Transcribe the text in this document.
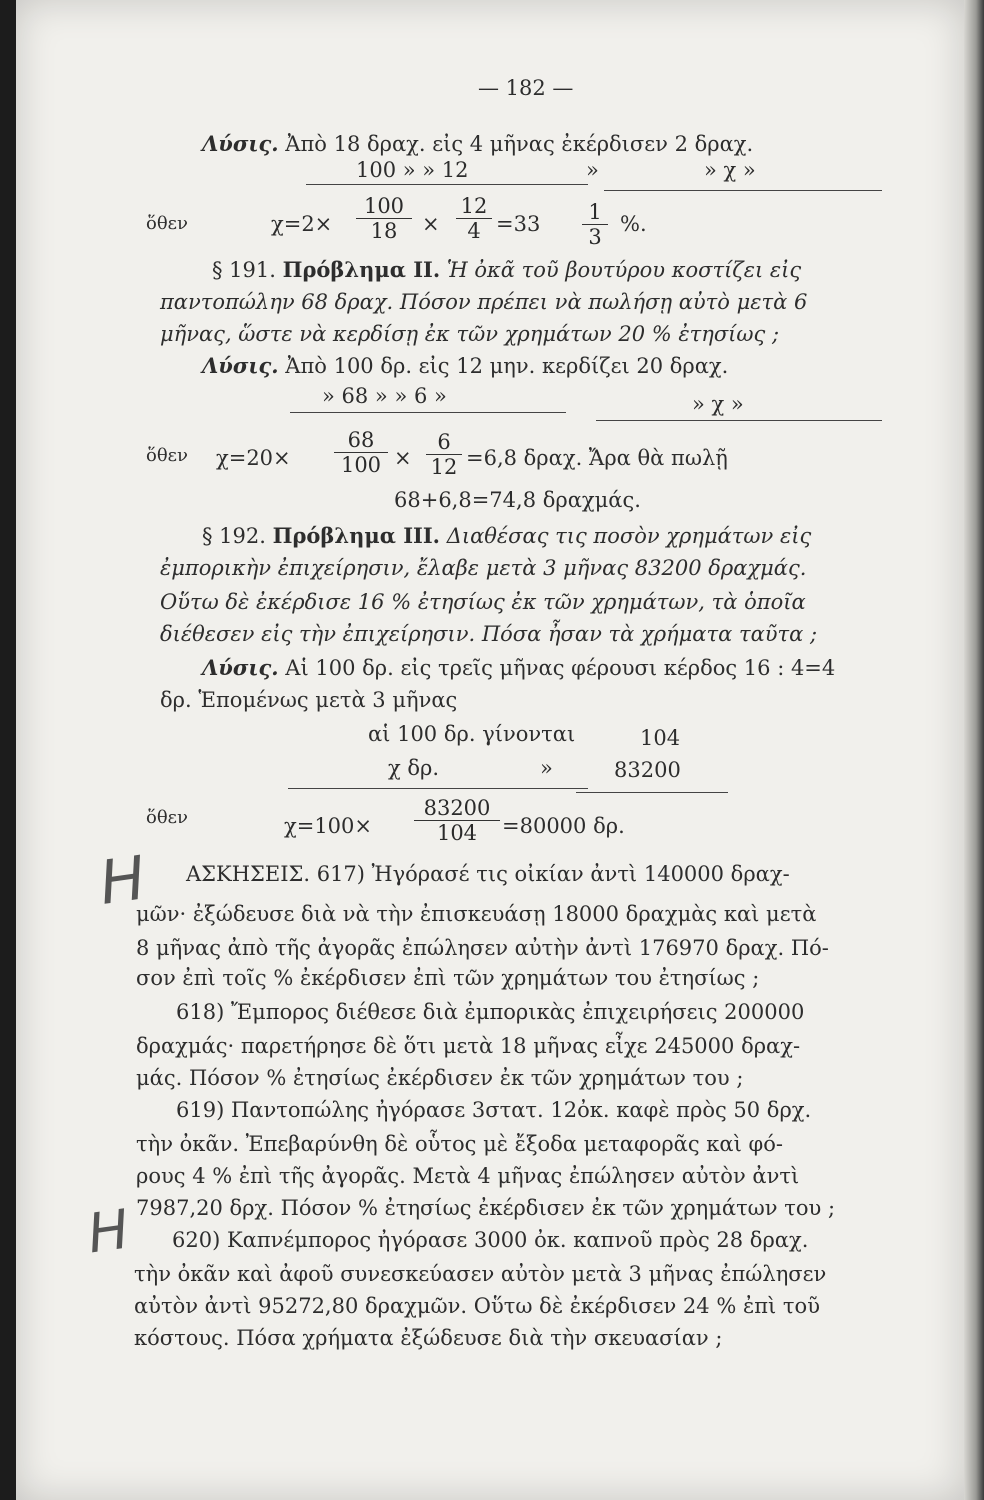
— 182 —
Λύσις. Ἀπὸ 18 δραχ. εἰς 4 μῆνας ἐκέρδισεν 2 δραχ.
100 » » 12	»	» χ »
ὅθεν	$\chi=2\times \frac{100}{18} \times \frac{12}{4} =33 \frac{1}{3}$ %.
§ 191. Πρόβλημα ΙΙ. Ἡ ὀκᾶ τοῦ βουτύρου κοστίζει εἰς
παντοπώλην 68 δραχ. Πόσον πρέπει νὰ πωλήσῃ αὐτὸ μετὰ 6
μῆνας, ὥστε νὰ κερδίσῃ ἐκ τῶν χρημάτων 20 % ἐτησίως ;
Λύσις. Ἀπὸ 100 δρ. εἰς 12 μην. κερδίζει 20 δραχ.
» 68 » » 6 »	» χ »
ὅθεν $\chi=20\times \frac{68}{100} \times \frac{6}{12} =6,8$ δραχ. Ἄρα θὰ πωλῇ
68+6,8=74,8 δραχμάς.
§ 192. Πρόβλημα ΙΙΙ. Διαθέσας τις ποσὸν χρημάτων εἰς
ἐμπορικὴν ἐπιχείρησιν, ἔλαβε μετὰ 3 μῆνας 83200 δραχμάς.
Οὕτω δὲ ἐκέρδισε 16 % ἐτησίως ἐκ τῶν χρημάτων, τὰ ὁποῖα
διέθεσεν εἰς τὴν ἐπιχείρησιν. Πόσα ἦσαν τὰ χρήματα ταῦτα ;
Λύσις. Αἱ 100 δρ. εἰς τρεῖς μῆνας φέρουσι κέρδος 16 : 4=4
δρ. Ἑπομένως μετὰ 3 μῆνας
αἱ 100 δρ. γίνονται	104
χ δρ.	»	83200
ὅθεν	$\chi=100\times \frac{83200}{104} =80000$ δρ.
H ΑΣΚΗΣΕΙΣ. 617) Ἠγόρασέ τις οἰκίαν ἀντὶ 140000 δραχ-
μῶν· ἐξώδευσε διὰ νὰ τὴν ἐπισκευάσῃ 18000 δραχμὰς καὶ μετὰ
8 μῆνας ἀπὸ τῆς ἀγορᾶς ἐπώλησεν αὐτὴν ἀντὶ 176970 δραχ. Πό-
σον ἐπὶ τοῖς % ἐκέρδισεν ἐπὶ τῶν χρημάτων του ἐτησίως ;
618) Ἔμπορος διέθεσε διὰ ἐμπορικὰς ἐπιχειρήσεις 200000
δραχμάς· παρετήρησε δὲ ὅτι μετὰ 18 μῆνας εἶχε 245000 δραχ-
μάς. Πόσον % ἐτησίως ἐκέρδισεν ἐκ τῶν χρημάτων του ;
619) Παντοπώλης ἠγόρασε 3στατ. 12ὀκ. καφὲ πρὸς 50 δρχ.
τὴν ὀκᾶν. Ἐπεβαρύνθη δὲ οὗτος μὲ ἔξοδα μεταφορᾶς καὶ φό-
ρους 4 % ἐπὶ τῆς ἀγορᾶς. Μετὰ 4 μῆνας ἐπώλησεν αὐτὸν ἀντὶ
7987,20 δρχ. Πόσον % ἐτησίως ἐκέρδισεν ἐκ τῶν χρημάτων του ;
H 620) Καπνέμπορος ἠγόρασε 3000 ὀκ. καπνοῦ πρὸς 28 δραχ.
τὴν ὀκᾶν καὶ ἀφοῦ συνεσκεύασεν αὐτὸν μετὰ 3 μῆνας ἐπώλησεν
αὐτὸν ἀντὶ 95272,80 δραχμῶν. Οὕτω δὲ ἐκέρδισεν 24 % ἐπὶ τοῦ
κόστους. Πόσα χρήματα ἐξώδευσε διὰ τὴν σκευασίαν ;
